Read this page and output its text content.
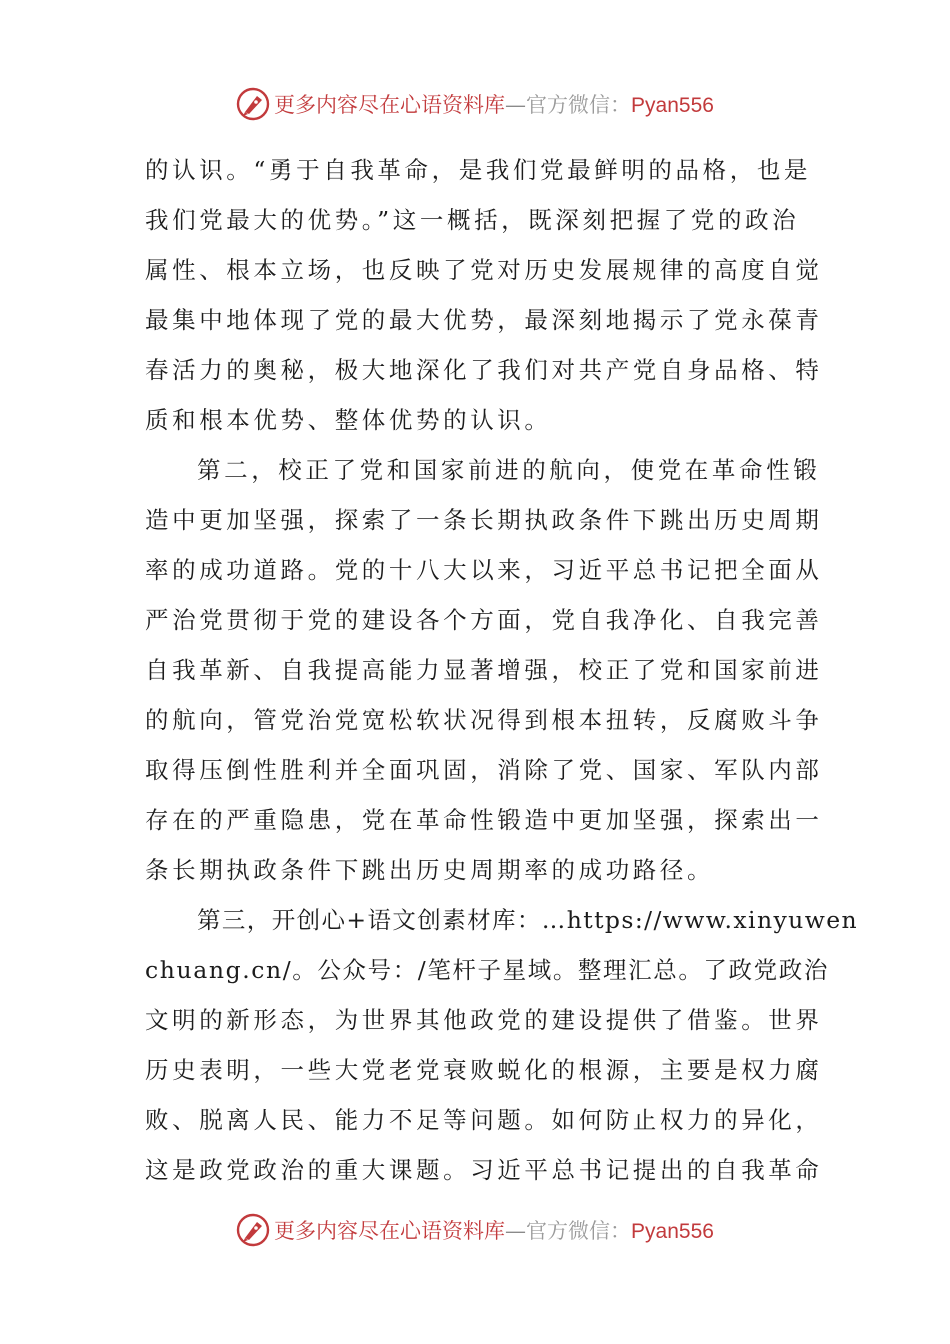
更多内容尽在心语资料库—官方微信：Pyan556
的认识。“勇于自我革命，是我们党最鲜明的品格，也是
我们党最大的优势。”这一概括，既深刻把握了党的政治
属性、根本立场，也反映了党对历史发展规律的高度自觉
最集中地体现了党的最大优势，最深刻地揭示了党永葆青
春活力的奥秘，极大地深化了我们对共产党自身品格、特
质和根本优势、整体优势的认识。
第二，校正了党和国家前进的航向，使党在革命性锻
造中更加坚强，探索了一条长期执政条件下跳出历史周期
率的成功道路。党的十八大以来，习近平总书记把全面从
严治党贯彻于党的建设各个方面，党自我净化、自我完善
自我革新、自我提高能力显著增强，校正了党和国家前进
的航向，管党治党宽松软状况得到根本扭转，反腐败斗争
取得压倒性胜利并全面巩固，消除了党、国家、军队内部
存在的严重隐患，党在革命性锻造中更加坚强，探索出一
条长期执政条件下跳出历史周期率的成功路径。
第三，开创心+语文创素材库：…https://www.xinyuwen
chuang.cn/。公众号：/笔杆子星域。整理汇总。了政党政治
文明的新形态，为世界其他政党的建设提供了借鉴。世界
历史表明，一些大党老党衰败蜕化的根源，主要是权力腐
败、脱离人民、能力不足等问题。如何防止权力的异化，
这是政党政治的重大课题。习近平总书记提出的自我革命
更多内容尽在心语资料库—官方微信：Pyan556
